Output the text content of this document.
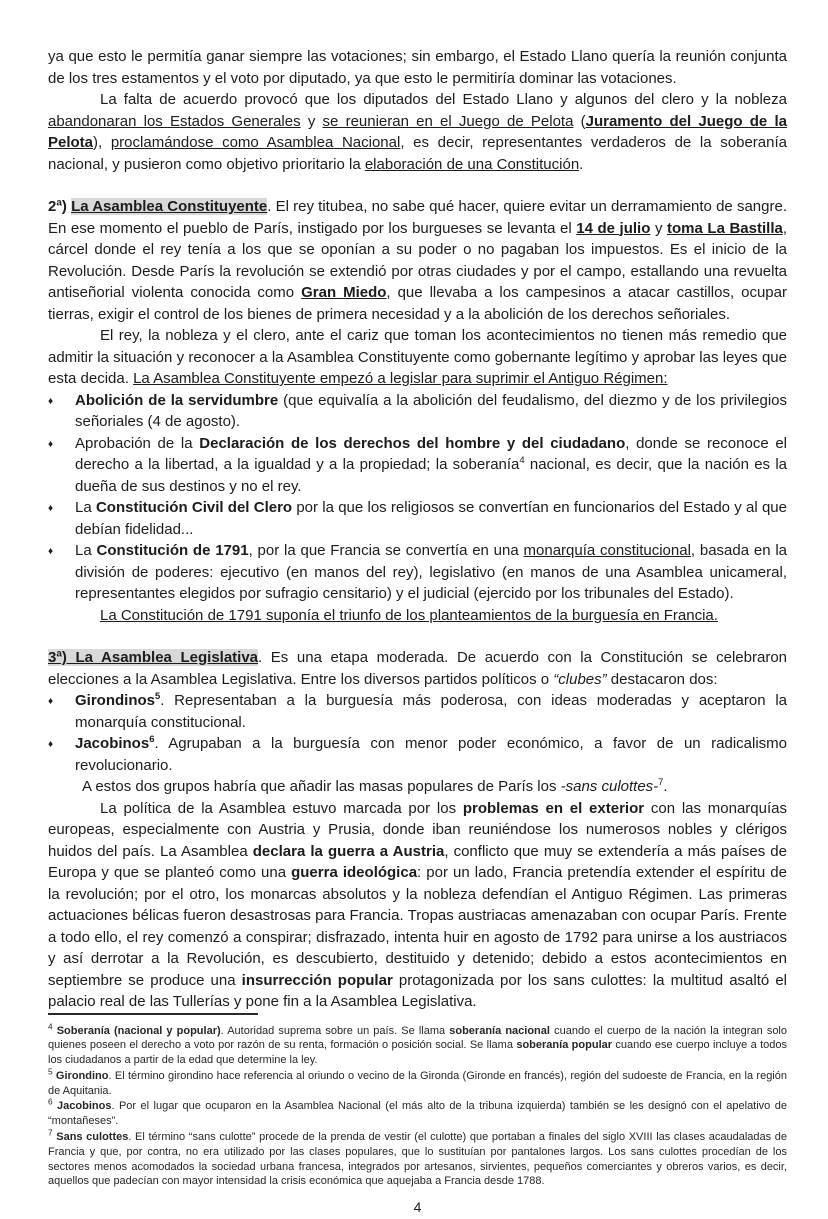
ya que esto le permitía ganar siempre las votaciones; sin embargo, el Estado Llano quería la reunión conjunta de los tres estamentos y el voto por diputado, ya que esto le permitiría dominar las votaciones.

La falta de acuerdo provocó que los diputados del Estado Llano y algunos del clero y la nobleza abandonaran los Estados Generales y se reunieran en el Juego de Pelota (Juramento del Juego de la Pelota), proclamándose como Asamblea Nacional, es decir, representantes verdaderos de la soberanía nacional, y pusieron como objetivo prioritario la elaboración de una Constitución.

2ª) La Asamblea Constituyente. El rey titubea, no sabe qué hacer, quiere evitar un derramamiento de sangre. En ese momento el pueblo de París, instigado por los burgueses se levanta el 14 de julio y toma La Bastilla, cárcel donde el rey tenía a los que se oponían a su poder o no pagaban los impuestos. Es el inicio de la Revolución. Desde París la revolución se extendió por otras ciudades y por el campo, estallando una revuelta antiseñorial violenta conocida como Gran Miedo, que llevaba a los campesinos a atacar castillos, ocupar tierras, exigir el control de los bienes de primera necesidad y a la abolición de los derechos señoriales.

El rey, la nobleza y el clero, ante el cariz que toman los acontecimientos no tienen más remedio que admitir la situación y reconocer a la Asamblea Constituyente como gobernante legítimo y aprobar las leyes que esta decida. La Asamblea Constituyente empezó a legislar para suprimir el Antiguo Régimen:

♦	Abolición de la servidumbre (que equivalía a la abolición del feudalismo, del diezmo y de los privilegios señoriales (4 de agosto).
♦	Aprobación de la Declaración de los derechos del hombre y del ciudadano, donde se reconoce el derecho a la libertad, a la igualdad y a la propiedad; la soberanía$^4$ nacional, es decir, que la nación es la dueña de sus destinos y no el rey.
♦	La Constitución Civil del Clero por la que los religiosos se convertían en funcionarios del Estado y al que debían fidelidad...
♦	La Constitución de 1791, por la que Francia se convertía en una monarquía constitucional, basada en la división de poderes: ejecutivo (en manos del rey), legislativo (en manos de una Asamblea unicameral, representantes elegidos por sufragio censitario) y el judicial (ejercido por los tribunales del Estado).

La Constitución de 1791 suponía el triunfo de los planteamientos de la burguesía en Francia.

3ª) La Asamblea Legislativa. Es una etapa moderada. De acuerdo con la Constitución se celebraron elecciones a la Asamblea Legislativa. Entre los diversos partidos políticos o “clubes” destacaron dos:

♦	Girondinos$^5$. Representaban a la burguesía más poderosa, con ideas moderadas y aceptaron la monarquía constitucional.
♦	Jacobinos$^6$. Agrupaban a la burguesía con menor poder económico, a favor de un radicalismo revolucionario.

A estos dos grupos habría que añadir las masas populares de París los -sans culottes-$^7$.

La política de la Asamblea estuvo marcada por los problemas en el exterior con las monarquías europeas, especialmente con Austria y Prusia, donde iban reuniéndose los numerosos nobles y clérigos huidos del país. La Asamblea declara la guerra a Austria, conflicto que muy se extendería a más países de Europa y que se planteó como una guerra ideológica: por un lado, Francia pretendía extender el espíritu de la revolución; por el otro, los monarcas absolutos y la nobleza defendían el Antiguo Régimen. Las primeras actuaciones bélicas fueron desastrosas para Francia. Tropas austriacas amenazaban con ocupar París. Frente a todo ello, el rey comenzó a conspirar; disfrazado, intenta huir en agosto de 1792 para unirse a los austriacos y así derrotar a la Revolución, es descubierto, destituido y detenido; debido a estos acontecimientos en septiembre se produce una insurrección popular protagonizada por los sans culottes: la multitud asaltó el palacio real de las Tullerías y pone fin a la Asamblea Legislativa.

$^4$ Soberanía (nacional y popular). Autoridad suprema sobre un país. Se llama soberanía nacional cuando el cuerpo de la nación la integran solo quienes poseen el derecho a voto por razón de su renta, formación o posición social. Se llama soberanía popular cuando ese cuerpo incluye a todos los ciudadanos a partir de la edad que determine la ley.

$^5$ Girondino. El término girondino hace referencia al oriundo o vecino de la Gironda (Gironde en francés), región del sudoeste de Francia, en la región de Aquitania.

$^6$ Jacobinos. Por el lugar que ocuparon en la Asamblea Nacional (el más alto de la tribuna izquierda) también se les designó con el apelativo de “montañeses”.

$^7$ Sans culottes. El término “sans culotte” procede de la prenda de vestir (el culotte) que portaban a finales del siglo XVIII las clases acaudaladas de Francia y que, por contra, no era utilizado por las clases populares, que lo sustituían por pantalones largos. Los sans culottes procedían de los sectores menos acomodados la sociedad urbana francesa, integrados por artesanos, sirvientes, pequeños comerciantes y obreros varios, es decir, aquellos que padecían con mayor intensidad la crisis económica que aquejaba a Francia desde 1788.

4
